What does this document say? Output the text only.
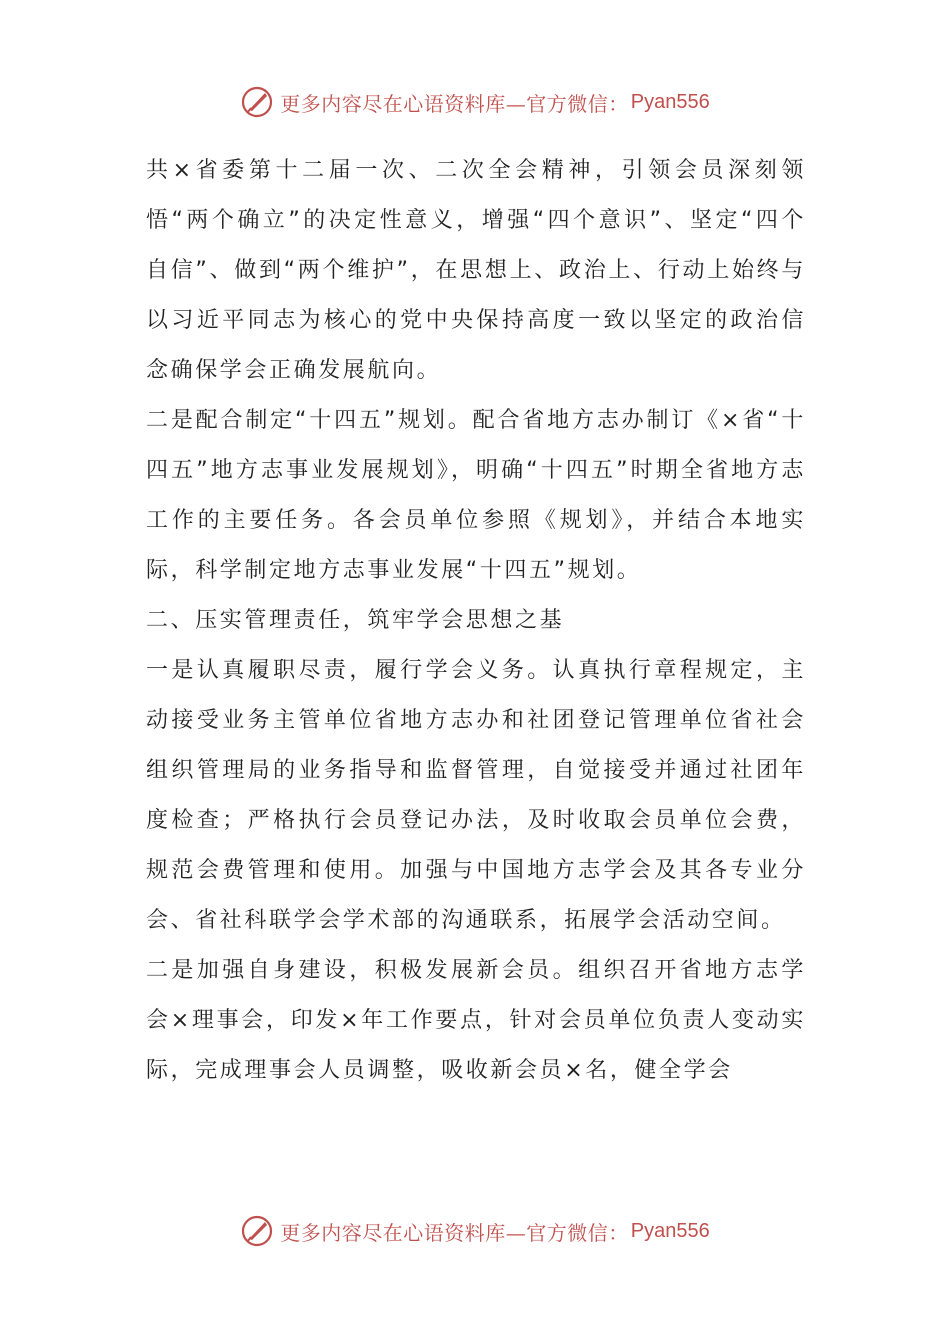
更多内容尽在心语资料库—官方微信： Pyan556

共×省委第十二届一次、二次全会精神，引领会员深刻领悟“两个确立”的决定性意义，增强“四个意识”、坚定“四个自信”、做到“两个维护”，在思想上、政治上、行动上始终与以习近平同志为核心的党中央保持高度一致以坚定的政治信念确保学会正确发展航向。

二是配合制定“十四五”规划。配合省地方志办制订《×省“十四五”地方志事业发展规划》，明确“十四五”时期全省地方志工作的主要任务。各会员单位参照《规划》，并结合本地实际，科学制定地方志事业发展“十四五”规划。

二、压实管理责任，筑牢学会思想之基

一是认真履职尽责，履行学会义务。认真执行章程规定，主动接受业务主管单位省地方志办和社团登记管理单位省社会组织管理局的业务指导和监督管理，自觉接受并通过社团年度检查；严格执行会员登记办法，及时收取会员单位会费，规范会费管理和使用。加强与中国地方志学会及其各专业分会、省社科联学会学术部的沟通联系，拓展学会活动空间。

二是加强自身建设，积极发展新会员。组织召开省地方志学会×理事会，印发×年工作要点，针对会员单位负责人变动实际，完成理事会人员调整，吸收新会员×名，健全学会

更多内容尽在心语资料库—官方微信： Pyan556
